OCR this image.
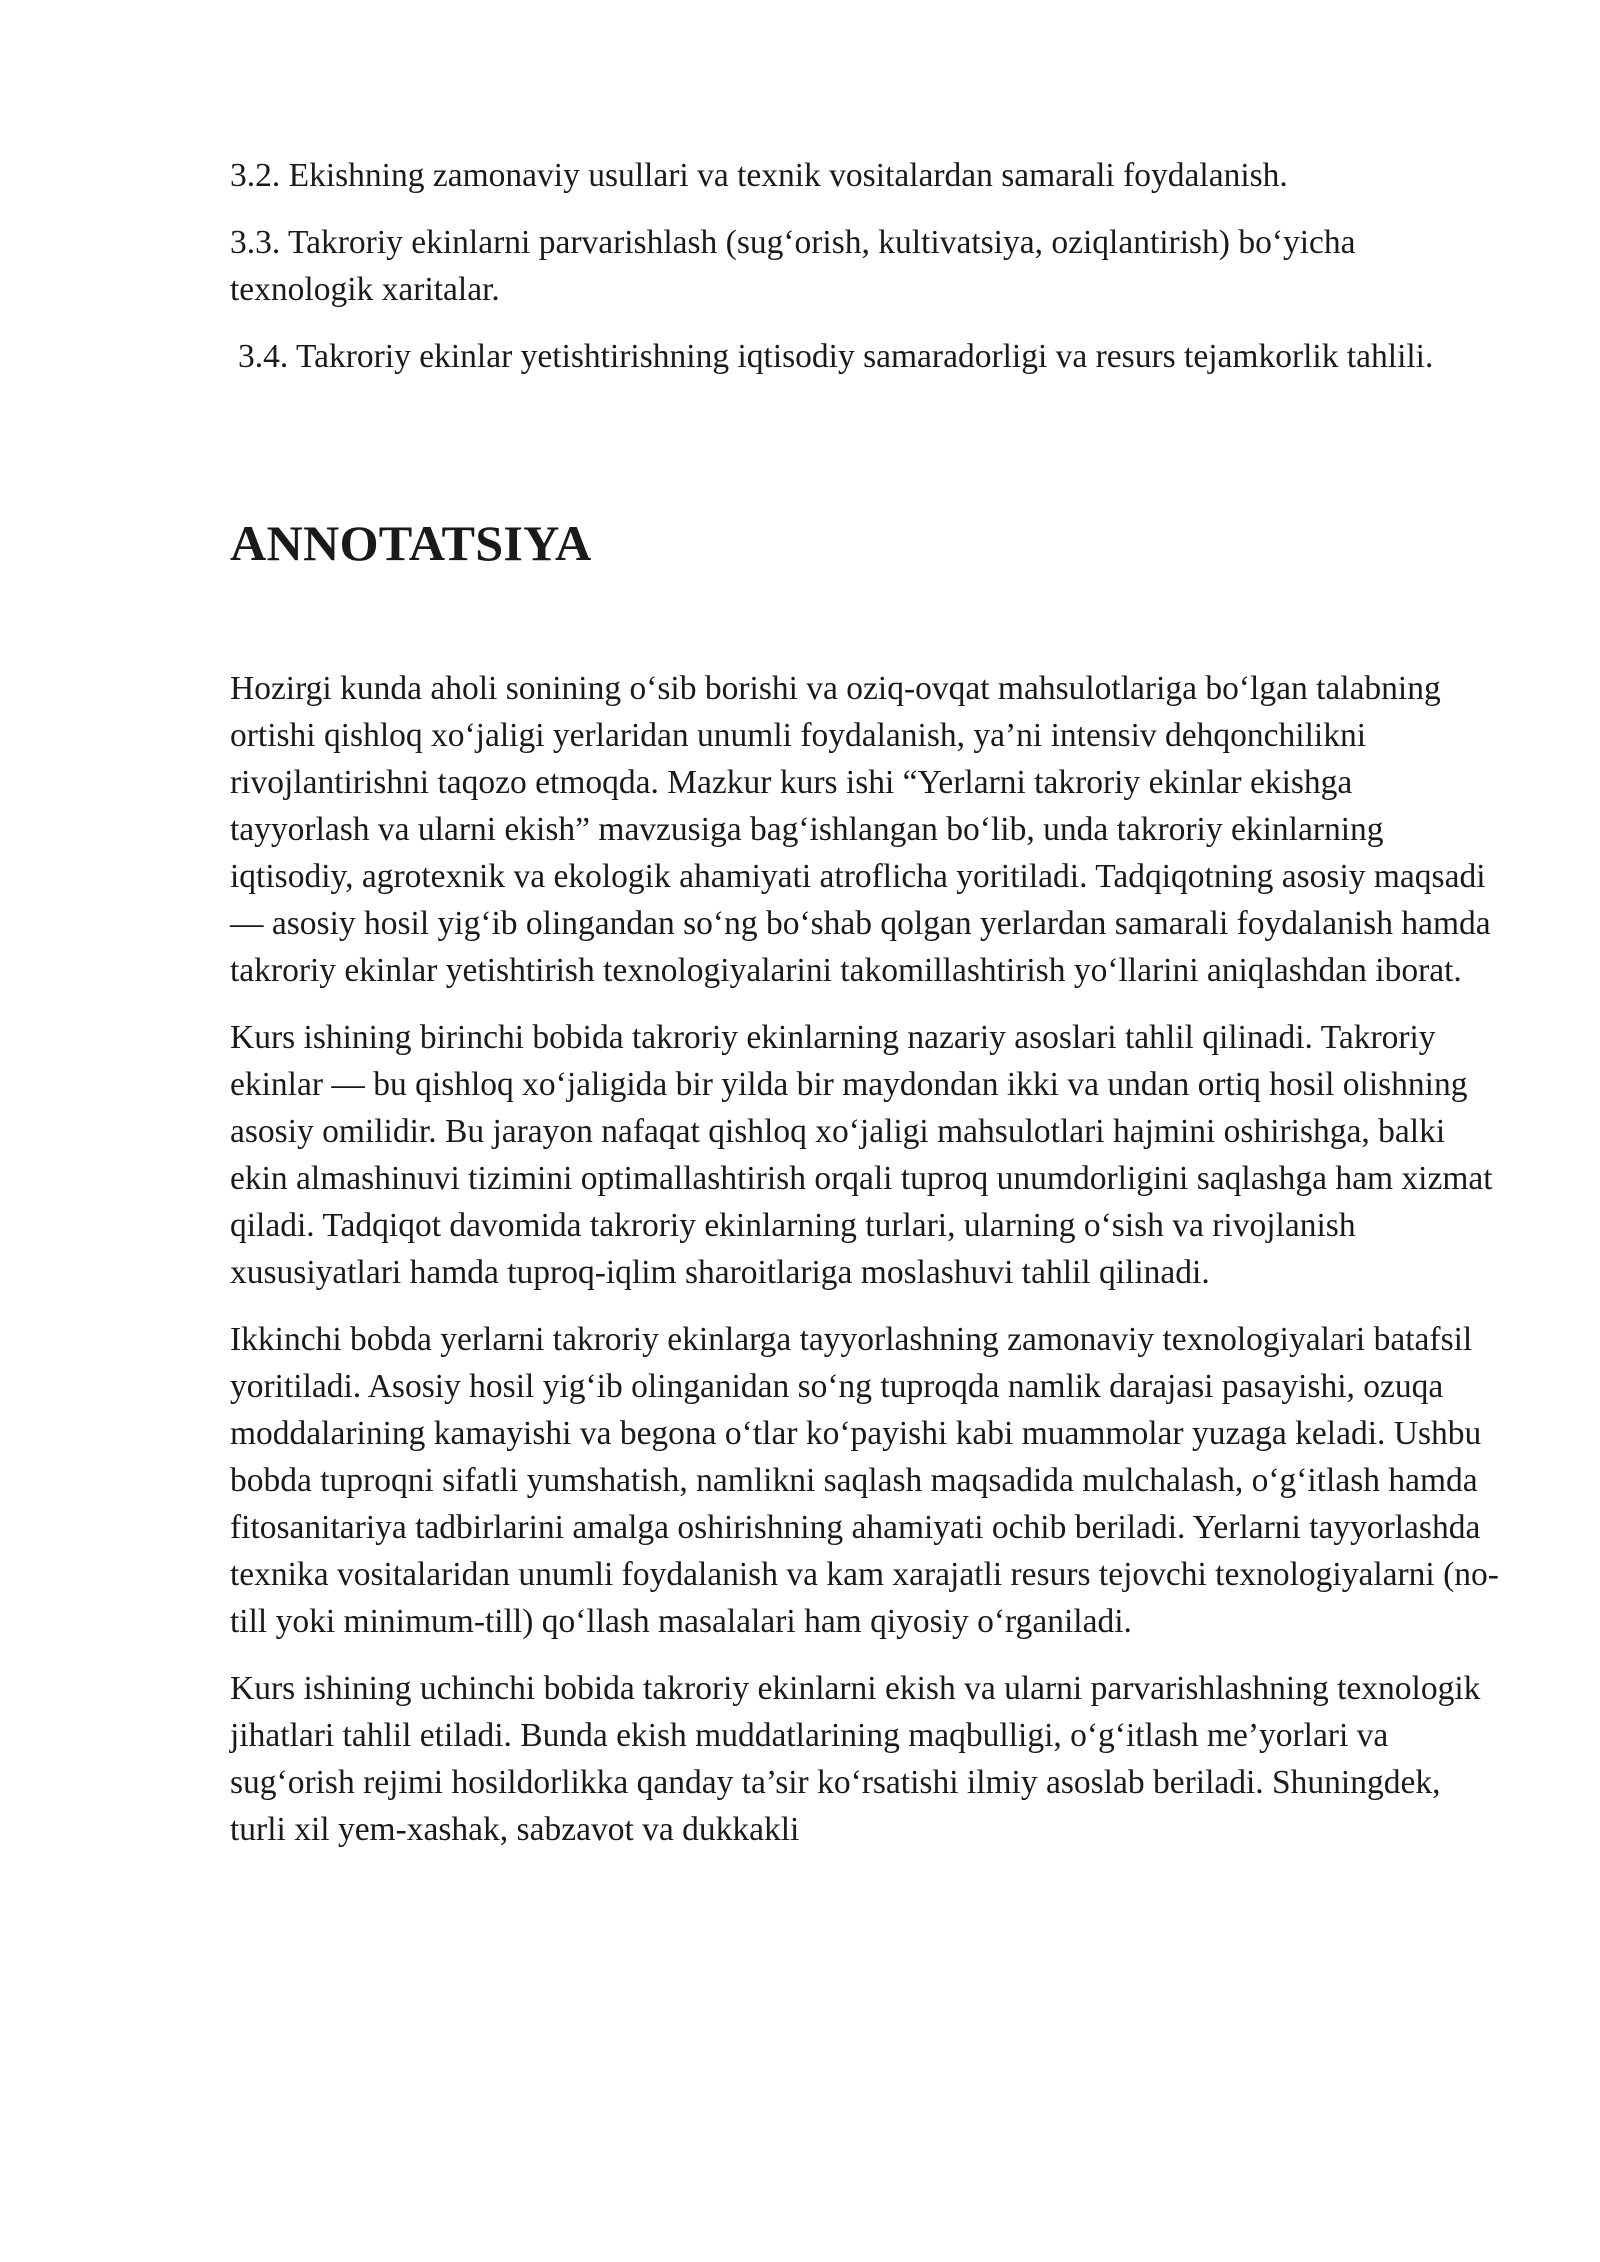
3.2. Ekishning zamonaviy usullari va texnik vositalardan samarali foydalanish.

3.3. Takroriy ekinlarni parvarishlash (sug‘orish, kultivatsiya, oziqlantirish) bo‘yicha texnologik xaritalar.

3.4. Takroriy ekinlar yetishtirishning iqtisodiy samaradorligi va resurs tejamkorlik tahlili.

ANNOTATSIYA

Hozirgi kunda aholi sonining o‘sib borishi va oziq-ovqat mahsulotlariga bo‘lgan talabning ortishi qishloq xo‘jaligi yerlaridan unumli foydalanish, ya’ni intensiv dehqonchilikni rivojlantirishni taqozo etmoqda. Mazkur kurs ishi “Yerlarni takroriy ekinlar ekishga tayyorlash va ularni ekish” mavzusiga bag‘ishlangan bo‘lib, unda takroriy ekinlarning iqtisodiy, agrotexnik va ekologik ahamiyati atroflicha yoritiladi. Tadqiqotning asosiy maqsadi — asosiy hosil yig‘ib olingandan so‘ng bo‘shab qolgan yerlardan samarali foydalanish hamda takroriy ekinlar yetishtirish texnologiyalarini takomillashtirish yo‘llarini aniqlashdan iborat.

Kurs ishining birinchi bobida takroriy ekinlarning nazariy asoslari tahlil qilinadi. Takroriy ekinlar — bu qishloq xo‘jaligida bir yilda bir maydondan ikki va undan ortiq hosil olishning asosiy omilidir. Bu jarayon nafaqat qishloq xo‘jaligi mahsulotlari hajmini oshirishga, balki ekin almashinuvi tizimini optimallashtirish orqali tuproq unumdorligini saqlashga ham xizmat qiladi. Tadqiqot davomida takroriy ekinlarning turlari, ularning o‘sish va rivojlanish xususiyatlari hamda tuproq-iqlim sharoitlariga moslashuvi tahlil qilinadi.

Ikkinchi bobda yerlarni takroriy ekinlarga tayyorlashning zamonaviy texnologiyalari batafsil yoritiladi. Asosiy hosil yig‘ib olinganidan so‘ng tuproqda namlik darajasi pasayishi, ozuqa moddalarining kamayishi va begona o‘tlar ko‘payishi kabi muammolar yuzaga keladi. Ushbu bobda tuproqni sifatli yumshatish, namlikni saqlash maqsadida mulchalash, o‘g‘itlash hamda fitosanitariya tadbirlarini amalga oshirishning ahamiyati ochib beriladi. Yerlarni tayyorlashda texnika vositalaridan unumli foydalanish va kam xarajatli resurs tejovchi texnologiyalarni (no-till yoki minimum-till) qo‘llash masalalari ham qiyosiy o‘rganiladi.

Kurs ishining uchinchi bobida takroriy ekinlarni ekish va ularni parvarishlashning texnologik jihatlari tahlil etiladi. Bunda ekish muddatlarining maqbulligi, o‘g‘itlash me’yorlari va sug‘orish rejimi hosildorlikka qanday ta’sir ko‘rsatishi ilmiy asoslab beriladi. Shuningdek, turli xil yem-xashak, sabzavot va dukkakli
